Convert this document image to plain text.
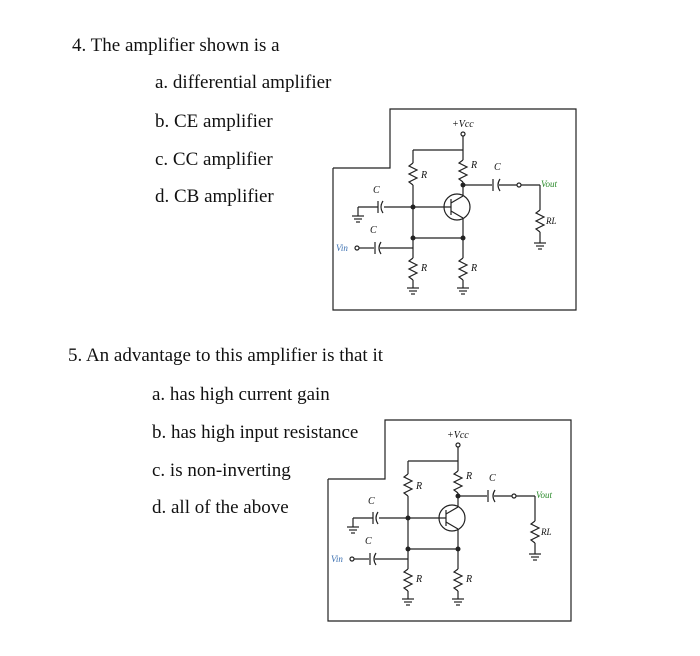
4. The amplifier shown is a
a. differential amplifier
b. CE amplifier
c. CC amplifier
d. CB amplifier
5. An advantage to this amplifier is that it
a. has high current gain
b. has high input resistance
c. is non-inverting
d. all of the above
+Vcc
R C
Vout
R
RL
C
C
Vin
R	R
+Vcc
R C
Vout
R
RL
C
C
Vin
R	R
